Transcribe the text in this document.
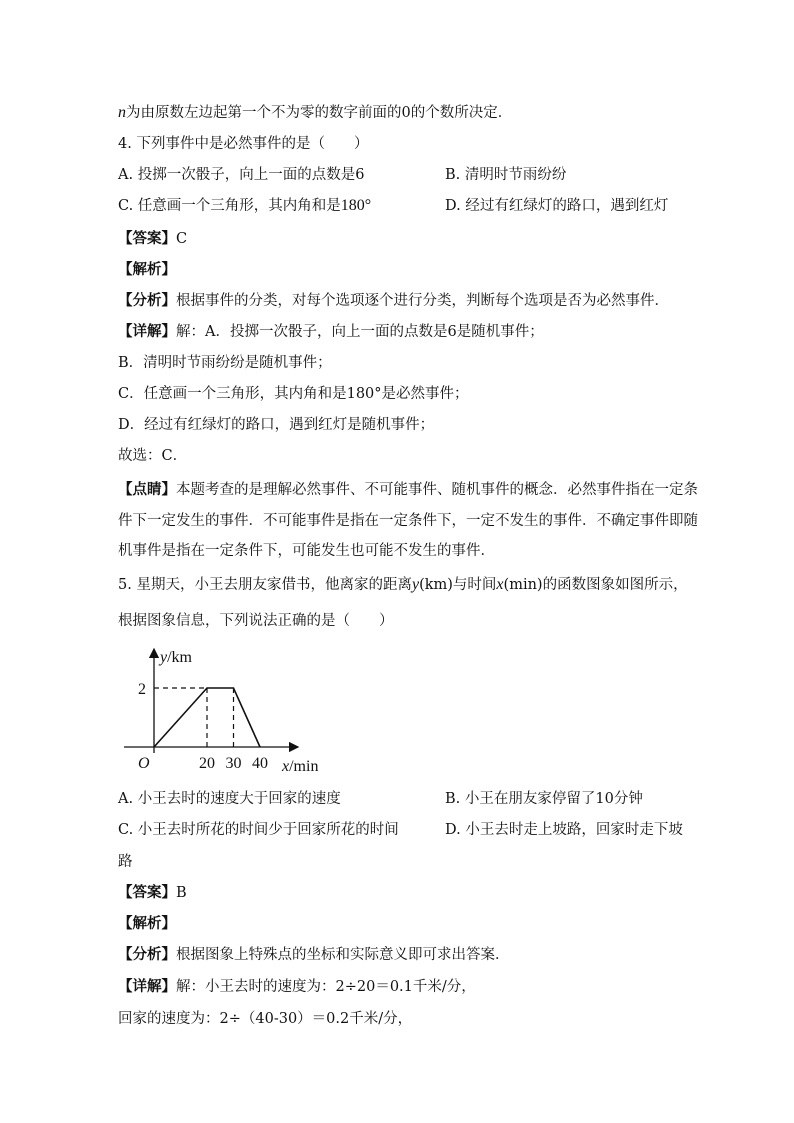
n为由原数左边起第一个不为零的数字前面的0的个数所决定．
4. 下列事件中是必然事件的是（　　）
A. 投掷一次骰子，向上一面的点数是6	B. 清明时节雨纷纷
C. 任意画一个三角形，其内角和是180°	D. 经过有红绿灯的路口，遇到红灯
【答案】C
【解析】
【分析】根据事件的分类，对每个选项逐个进行分类，判断每个选项是否为必然事件．
【详解】解：A．投掷一次骰子，向上一面的点数是6是随机事件；
B．清明时节雨纷纷是随机事件；
C．任意画一个三角形，其内角和是180°是必然事件；
D．经过有红绿灯的路口，遇到红灯是随机事件；
故选：C．
【点睛】本题考查的是理解必然事件、不可能事件、随机事件的概念．必然事件指在一定条
件下一定发生的事件．不可能事件是指在一定条件下，一定不发生的事件．不确定事件即随
机事件是指在一定条件下，可能发生也可能不发生的事件．
5. 星期天，小王去朋友家借书，他离家的距离y(km)与时间x(min)的函数图象如图所示，
根据图象信息，下列说法正确的是（　　）
20 30 40
2
O
y/km
x/min
A. 小王去时的速度大于回家的速度	B. 小王在朋友家停留了10分钟
C. 小王去时所花的时间少于回家所花的时间	D. 小王去时走上坡路，回家时走下坡
路
【答案】B
【解析】
【分析】根据图象上特殊点的坐标和实际意义即可求出答案．
【详解】解：小王去时的速度为：2÷20＝0.1千米/分，
回家的速度为：2÷（40-30）＝0.2千米/分，
